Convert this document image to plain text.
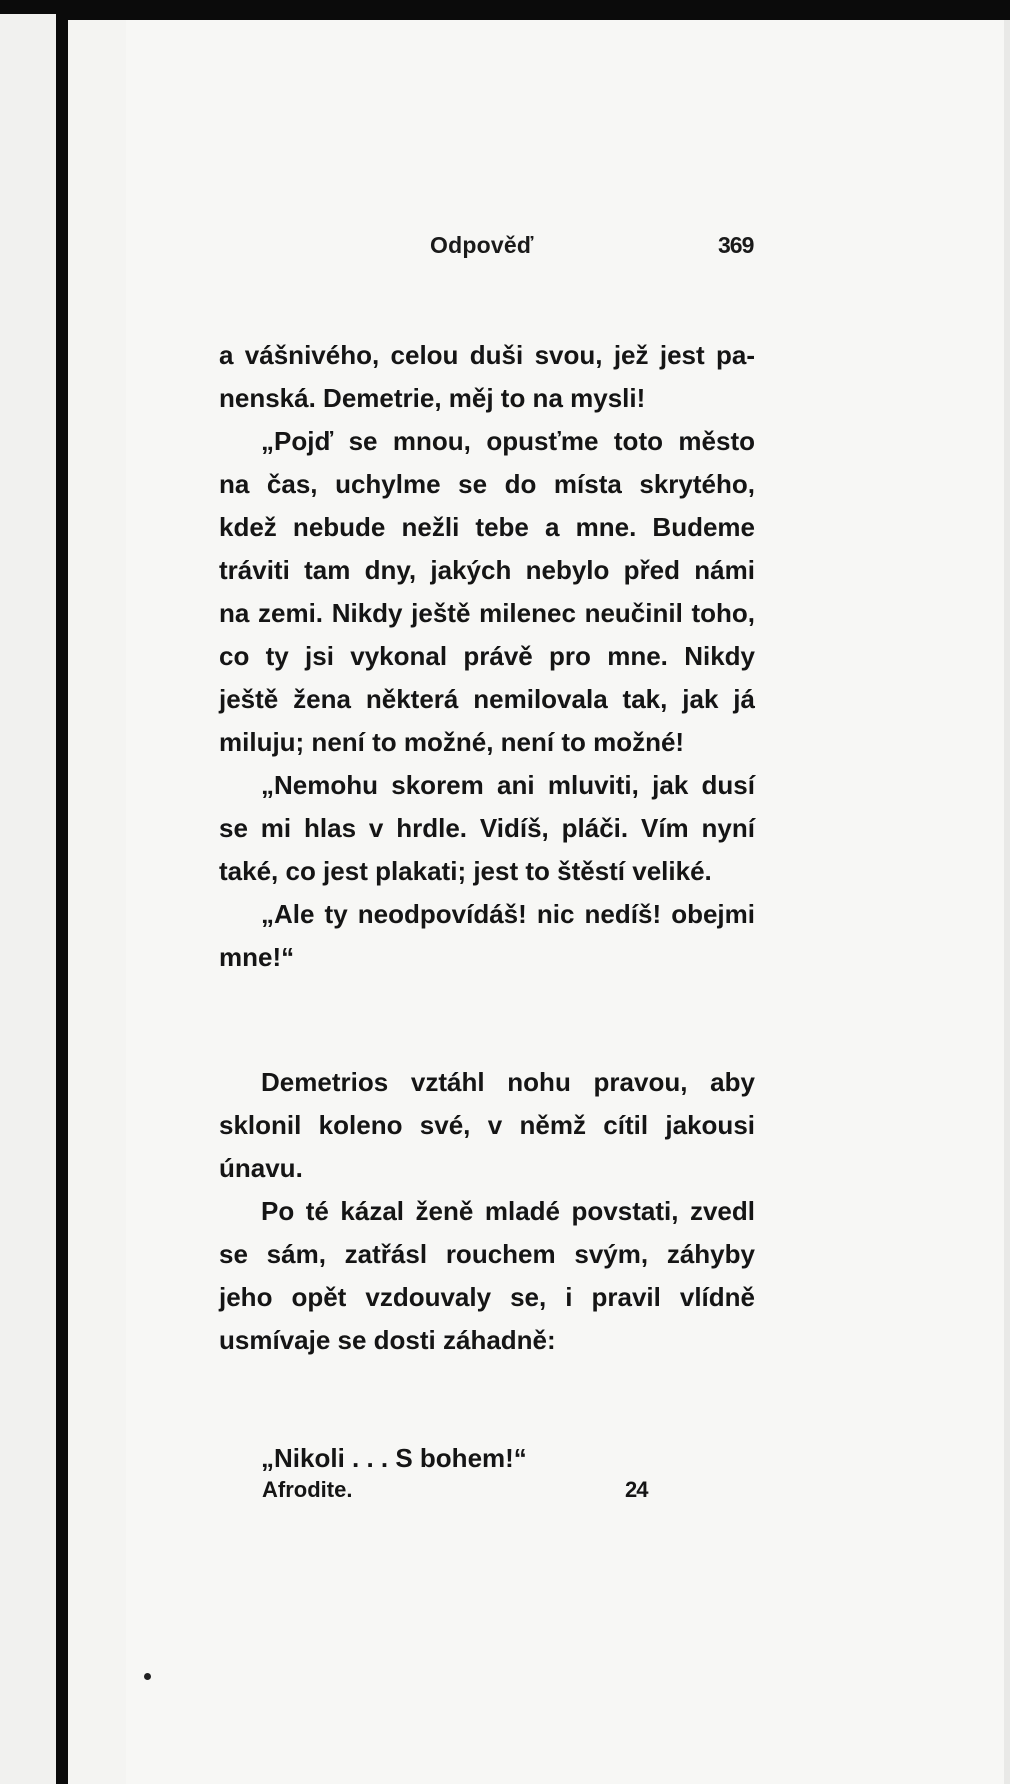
Odpověď	369
a vášnivého, celou duši svou, jež jest pa-
nenská. Demetrie, měj to na mysli!
„Pojď se mnou, opusťme toto město
na čas, uchylme se do místa skrytého,
kdež nebude nežli tebe a mne. Budeme
tráviti tam dny, jakých nebylo před námi
na zemi. Nikdy ještě milenec neučinil toho,
co ty jsi vykonal právě pro mne. Nikdy
ještě žena některá nemilovala tak, jak já
miluju; není to možné, není to možné!
„Nemohu skorem ani mluviti, jak dusí
se mi hlas v hrdle. Vidíš, pláči. Vím nyní
také, co jest plakati; jest to štěstí veliké.
„Ale ty neodpovídáš! nic nedíš! obejmi
mne!“
Demetrios vztáhl nohu pravou, aby
sklonil koleno své, v němž cítil jakousi
únavu.
Po té kázal ženě mladé povstati, zvedl
se sám, zatřásl rouchem svým, záhyby
jeho opět vzdouvaly se, i pravil vlídně
usmívaje se dosti záhadně:
„Nikoli . . . S bohem!“
Afrodite.	24
